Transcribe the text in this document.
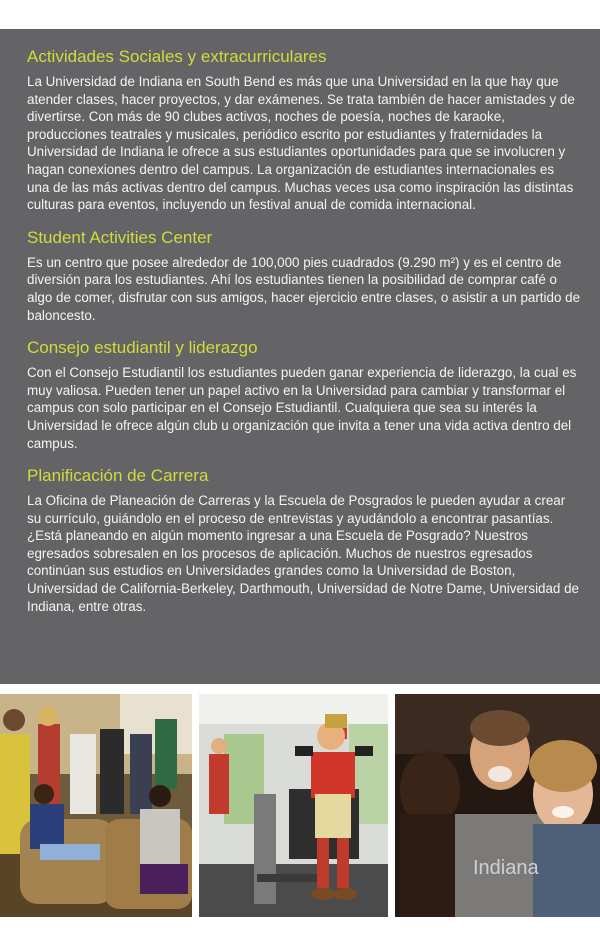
Actividades Sociales y extracurriculares

La Universidad de Indiana en South Bend es más que una Universidad en la que hay que atender clases, hacer proyectos, y dar exámenes. Se trata también de hacer amistades y de divertirse. Con más de 90 clubes activos, noches de poesía, noches de karaoke, producciones teatrales y musicales, periódico escrito por estudiantes y fraternidades la Universidad de Indiana le ofrece a sus estudiantes oportunidades para que se involucren y hagan conexiones dentro del campus. La organización de estudiantes internacionales es una de las más activas dentro del campus. Muchas veces usa como inspiración las distintas culturas para eventos, incluyendo un festival anual de comida internacional.

Student Activities Center

Es un centro que posee alrededor de 100,000 pies cuadrados (9.290 m²) y es el centro de diversión para los estudiantes. Ahí los estudiantes tienen la posibilidad de comprar café o algo de comer, disfrutar con sus amigos, hacer ejercicio entre clases, o asistir a un partido de baloncesto.

Consejo estudiantil y liderazgo

Con el Consejo Estudiantil los estudiantes pueden ganar experiencia de liderazgo, la cual es muy valiosa. Pueden tener un papel activo en la Universidad para cambiar y transformar el campus con solo participar en el Consejo Estudiantil. Cualquiera que sea su interés la Universidad le ofrece algún club u organización que invita a tener una vida activa dentro del campus.

Planificación de Carrera

La Oficina de Planeación de Carreras y la Escuela de Posgrados le pueden ayudar a crear su currículo, guiándolo en el proceso de entrevistas y ayudándolo a encontrar pasantías. ¿Está planeando en algún momento ingresar a una Escuela de Posgrado? Nuestros egresados sobresalen en los procesos de aplicación. Muchos de nuestros egresados continúan sus estudios en Universidades grandes como la Universidad de Boston, Universidad de California-Berkeley, Darthmouth, Universidad de Notre Dame, Universidad de Indiana, entre otras.

Indiana
